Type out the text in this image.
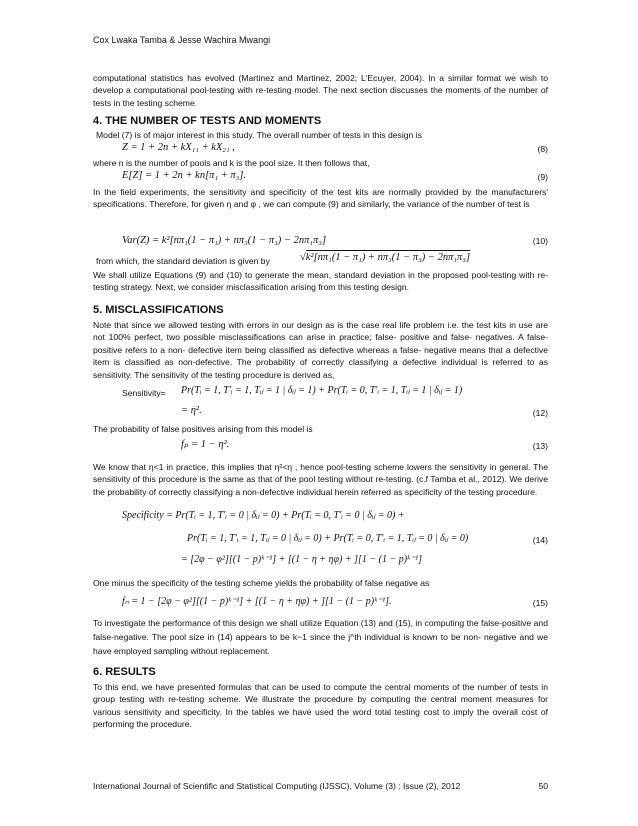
Cox Lwaka Tamba & Jesse Wachira Mwangi
computational statistics has evolved (Martinez and Martinez, 2002; L'Ecuyer, 2004). In a similar format we wish to develop a computational pool-testing with re-testing model. The next section discusses the moments of the number of tests in the testing scheme.
4. THE NUMBER OF TESTS AND MOMENTS
Model (7) is of major interest in this study. The overall number of tests in this design is
Z = 1 + 2n + kX₁₁ + kX₂₁ ,	(8)
where n is the number of pools and k is the pool size. It then follows that,
E[Z] = 1 + 2n + kn[π₁ + π₃].	(9)
In the field experiments, the sensitivity and specificity of the test kits are normally provided by the manufacturers' specifications. Therefore, for given η and φ , we can compute (9) and similarly, the variance of the number of test is
Var(Z) = k²[nπ₁(1 − π₁) + nπ₃(1 − π₃) − 2nπ₁π₃]	(10)
from which, the standard deviation is given by	√k²[nπ₁(1 − π₁) + nπ₃(1 − π₃) − 2nπ₁π₃]
We shall utilize Equations (9) and (10) to generate the mean, standard deviation in the proposed pool-testing with re-testing strategy. Next, we consider misclassification arising from this testing design.
5. MISCLASSIFICATIONS
Note that since we allowed testing with errors in our design as is the case real life problem i.e. the test kits in use are not 100% perfect, two possible misclassifications can arise in practice; false- positive and false- negatives. A false- positive refers to a non- defective item being classified as defective whereas a false- negative means that a defective item is classified as non-defective. The probability of correctly classifying a defective individual is referred to as sensitivity. The sensitivity of the testing procedure is derived as,
Sensitivity= Pr(Tᵢ = 1, T′ᵢ = 1, Tᵢⱼ = 1 | δᵢⱼ = 1) + Pr(Tᵢ = 0, T′ᵢ = 1, Tᵢⱼ = 1 | δᵢⱼ = 1)
= η².	(12)
The probability of false positives arising from this model is
fₚ = 1 − η².	(13)
We know that η<1 in practice, this implies that η²<η , hence pool-testing scheme lowers the sensitivity in general. The sensitivity of this procedure is the same as that of the pool testing without re-testing. (c.f Tamba et al., 2012). We derive the probability of correctly classifying a non-defective individual herein referred as specificity of the testing procedure.
Specificity = Pr(Tᵢ = 1, T′ᵢ = 0 | δᵢⱼ = 0) + Pr(Tᵢ = 0, T′ᵢ = 0 | δᵢⱼ = 0) +
Pr(Tᵢ = 1, T′ᵢ = 1, Tᵢⱼ = 0 | δᵢⱼ = 0) + Pr(Tᵢ = 0, T′ᵢ = 1, Tᵢⱼ = 0 | δᵢⱼ = 0)	(14)
= [2φ − φ²][(1 − p)ᵏ⁻¹] + [(1 − η + ηφ) + ][1 − (1 − p)ᵏ⁻¹]
One minus the specificity of the testing scheme yields the probability of false negative as
fₙ = 1 − [2φ − φ²][(1 − p)ᵏ⁻¹] + [(1 − η + ηφ) + ][1 − (1 − p)ᵏ⁻¹].	(15)
To investigate the performance of this design we shall utilize Equation (13) and (15), in computing the false-positive and false-negative. The pool size in (14) appears to be k−1 since the j^th individual is known to be non- negative and we have employed sampling without replacement.
6. RESULTS
To this end, we have presented formulas that can be used to compute the central moments of the number of tests in group testing with re-testing scheme. We illustrate the procedure by computing the central moment measures for various sensitivity and specificity. In the tables we have used the word total testing cost to imply the overall cost of performing the procedure.
International Journal of Scientific and Statistical Computing (IJSSC), Volume (3) : Issue (2), 2012	50
